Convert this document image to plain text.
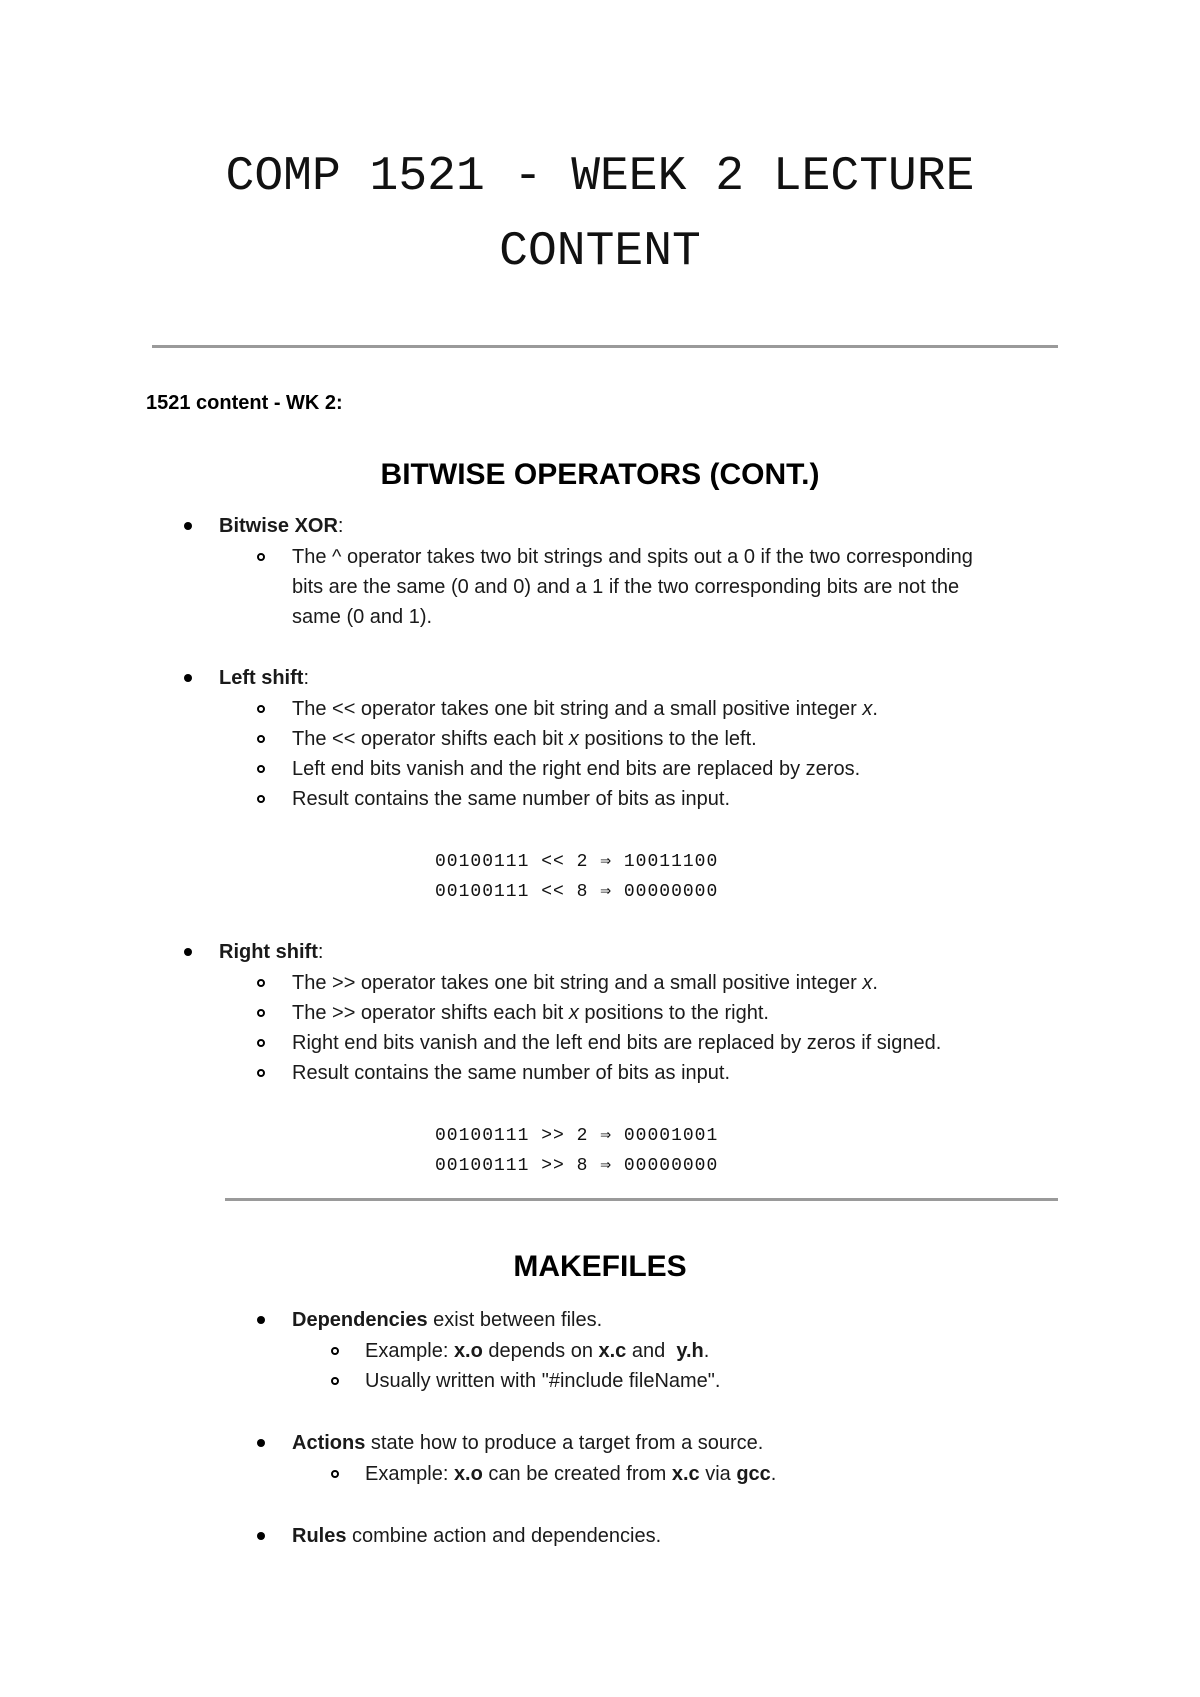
COMP 1521 - WEEK 2 LECTURE
CONTENT
1521 content - WK 2:
BITWISE OPERATORS (CONT.)
Bitwise XOR:
The ^ operator takes two bit strings and spits out a 0 if the two corresponding
bits are the same (0 and 0) and a 1 if the two corresponding bits are not the
same (0 and 1).
Left shift:
The << operator takes one bit string and a small positive integer x.
The << operator shifts each bit x positions to the left.
Left end bits vanish and the right end bits are replaced by zeros.
Result contains the same number of bits as input.
00100111 << 2 ⇒ 10011100
00100111 << 8 ⇒ 00000000
Right shift:
The >> operator takes one bit string and a small positive integer x.
The >> operator shifts each bit x positions to the right.
Right end bits vanish and the left end bits are replaced by zeros if signed.
Result contains the same number of bits as input.
00100111 >> 2 ⇒ 00001001
00100111 >> 8 ⇒ 00000000
MAKEFILES
Dependencies exist between files.
Example: x.o depends on x.c and  y.h.
Usually written with "#include fileName".
Actions state how to produce a target from a source.
Example: x.o can be created from x.c via gcc.
Rules combine action and dependencies.
